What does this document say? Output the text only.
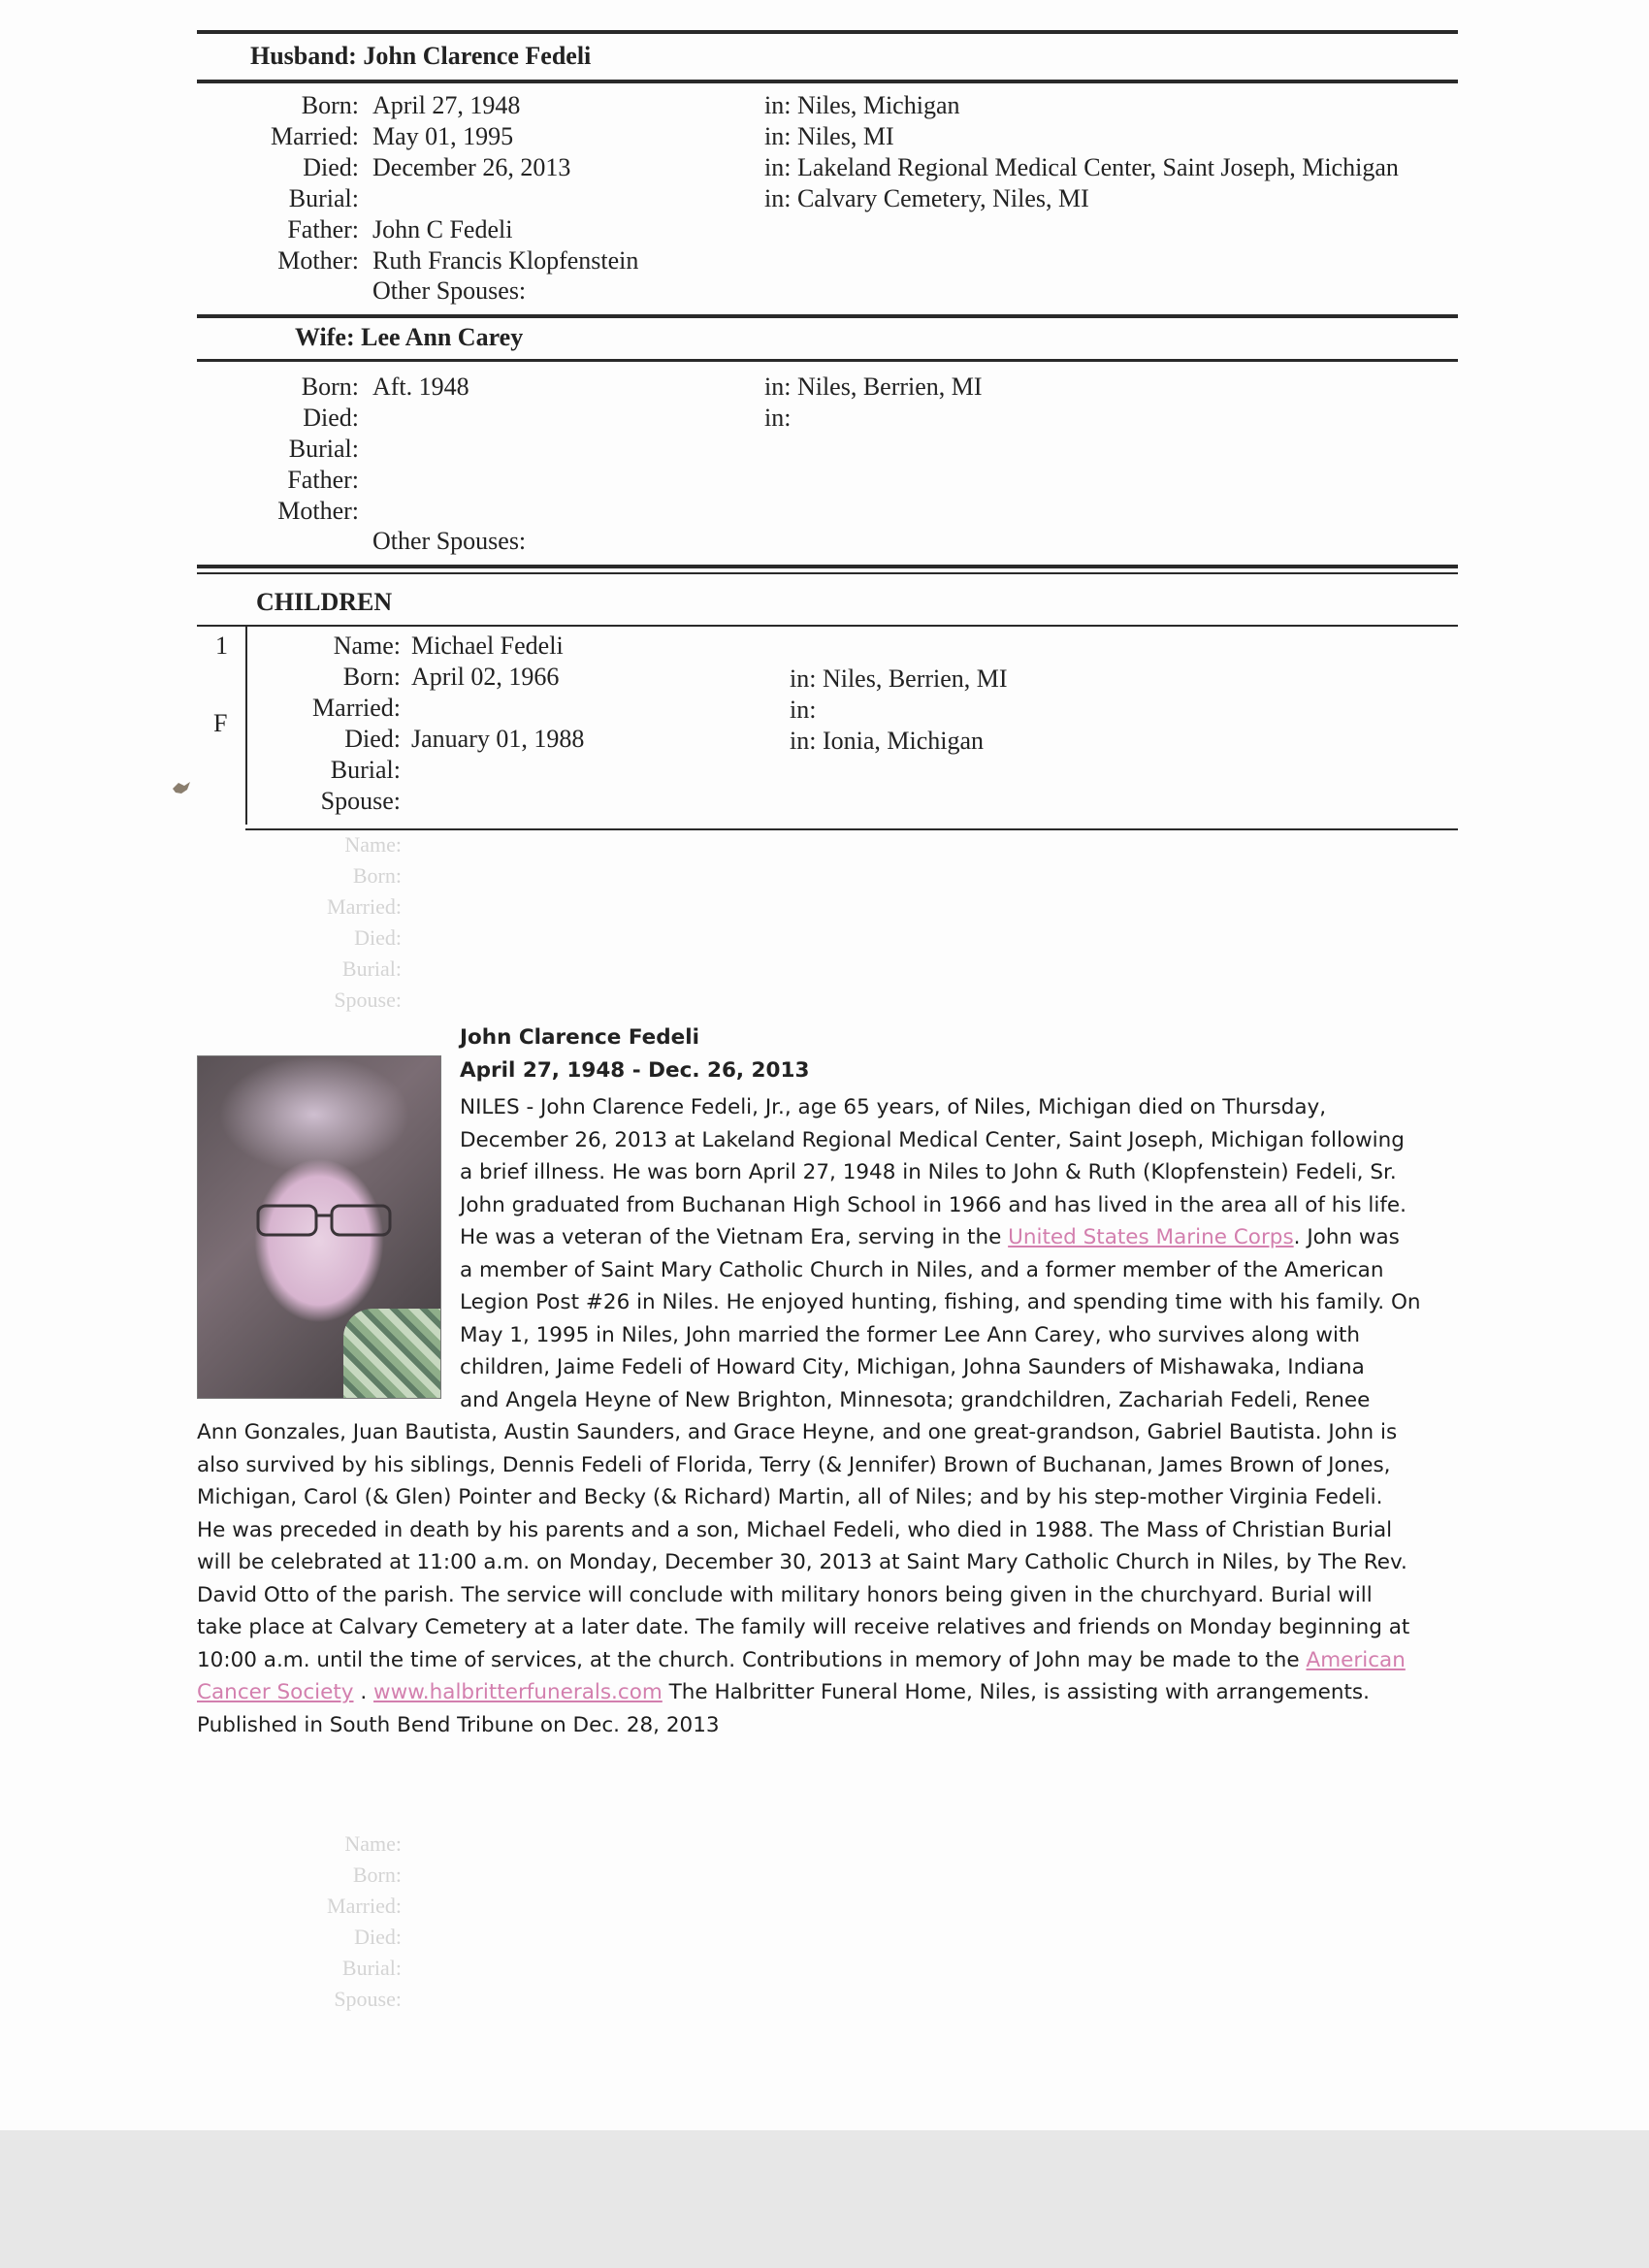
Husband: John Clarence Fedeli
Born: April 27, 1948	in: Niles, Michigan
Married: May 01, 1995	in: Niles, MI
Died: December 26, 2013	in: Lakeland Regional Medical Center, Saint Joseph, Michigan
Burial:	in: Calvary Cemetery, Niles, MI
Father: John C Fedeli
Mother: Ruth Francis Klopfenstein
Other Spouses:
Wife: Lee Ann Carey
Born: Aft. 1948	in: Niles, Berrien, MI
Died:	in:
Burial:
Father:
Mother:
Other Spouses:
CHILDREN
1
F
Name: Michael Fedeli
Born: April 02, 1966	in: Niles, Berrien, MI
Married:	in:
Died: January 01, 1988	in: Ionia, Michigan
Burial:
Spouse:
Name:
Born:
Married:
Died:
Burial:
Spouse:
Name:
Born:
Married:
Died:
Burial:
Spouse:
John Clarence Fedeli
April 27, 1948 - Dec. 26, 2013
NILES - John Clarence Fedeli, Jr., age 65 years, of Niles, Michigan died on Thursday,
December 26, 2013 at Lakeland Regional Medical Center, Saint Joseph, Michigan following
a brief illness. He was born April 27, 1948 in Niles to John & Ruth (Klopfenstein) Fedeli, Sr.
John graduated from Buchanan High School in 1966 and has lived in the area all of his life.
He was a veteran of the Vietnam Era, serving in the United States Marine Corps. John was
a member of Saint Mary Catholic Church in Niles, and a former member of the American
Legion Post #26 in Niles. He enjoyed hunting, fishing, and spending time with his family. On
May 1, 1995 in Niles, John married the former Lee Ann Carey, who survives along with
children, Jaime Fedeli of Howard City, Michigan, Johna Saunders of Mishawaka, Indiana
and Angela Heyne of New Brighton, Minnesota; grandchildren, Zachariah Fedeli, Renee
Ann Gonzales, Juan Bautista, Austin Saunders, and Grace Heyne, and one great-grandson, Gabriel Bautista. John is
also survived by his siblings, Dennis Fedeli of Florida, Terry (& Jennifer) Brown of Buchanan, James Brown of Jones,
Michigan, Carol (& Glen) Pointer and Becky (& Richard) Martin, all of Niles; and by his step-mother Virginia Fedeli.
He was preceded in death by his parents and a son, Michael Fedeli, who died in 1988. The Mass of Christian Burial
will be celebrated at 11:00 a.m. on Monday, December 30, 2013 at Saint Mary Catholic Church in Niles, by The Rev.
David Otto of the parish. The service will conclude with military honors being given in the churchyard. Burial will
take place at Calvary Cemetery at a later date. The family will receive relatives and friends on Monday beginning at
10:00 a.m. until the time of services, at the church. Contributions in memory of John may be made to the American
Cancer Society . www.halbritterfunerals.com The Halbritter Funeral Home, Niles, is assisting with arrangements.
Published in South Bend Tribune on Dec. 28, 2013
